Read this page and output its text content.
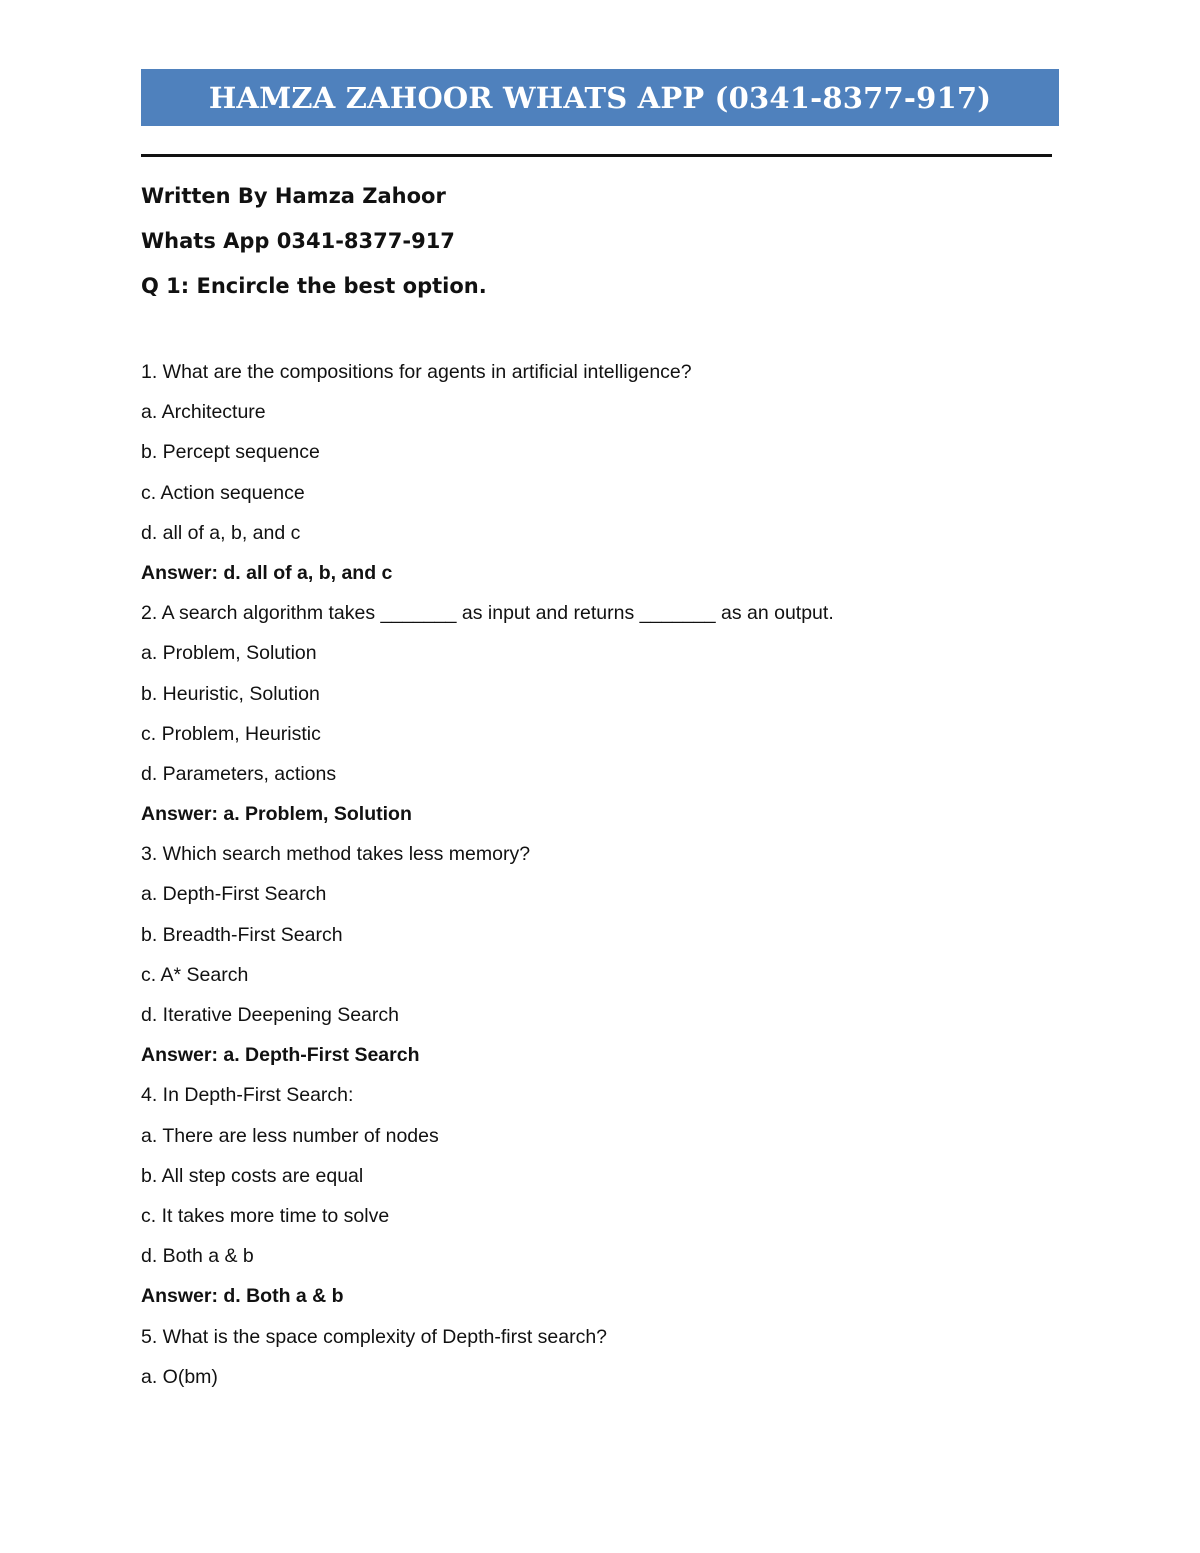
HAMZA ZAHOOR WHATS APP (0341-8377-917)
Written By Hamza Zahoor
Whats App 0341-8377-917
Q 1: Encircle the best option.
1. What are the compositions for agents in artificial intelligence?
a. Architecture
b. Percept sequence
c. Action sequence
d. all of a, b, and c
Answer: d. all of a, b, and c
2. A search algorithm takes _______ as input and returns _______ as an output.
a. Problem, Solution
b. Heuristic, Solution
c. Problem, Heuristic
d. Parameters, actions
Answer: a. Problem, Solution
3. Which search method takes less memory?
a. Depth-First Search
b. Breadth-First Search
c. A* Search
d. Iterative Deepening Search
Answer: a. Depth-First Search
4. In Depth-First Search:
a. There are less number of nodes
b. All step costs are equal
c. It takes more time to solve
d. Both a & b
Answer: d. Both a & b
5. What is the space complexity of Depth-first search?
a. O(bm)
